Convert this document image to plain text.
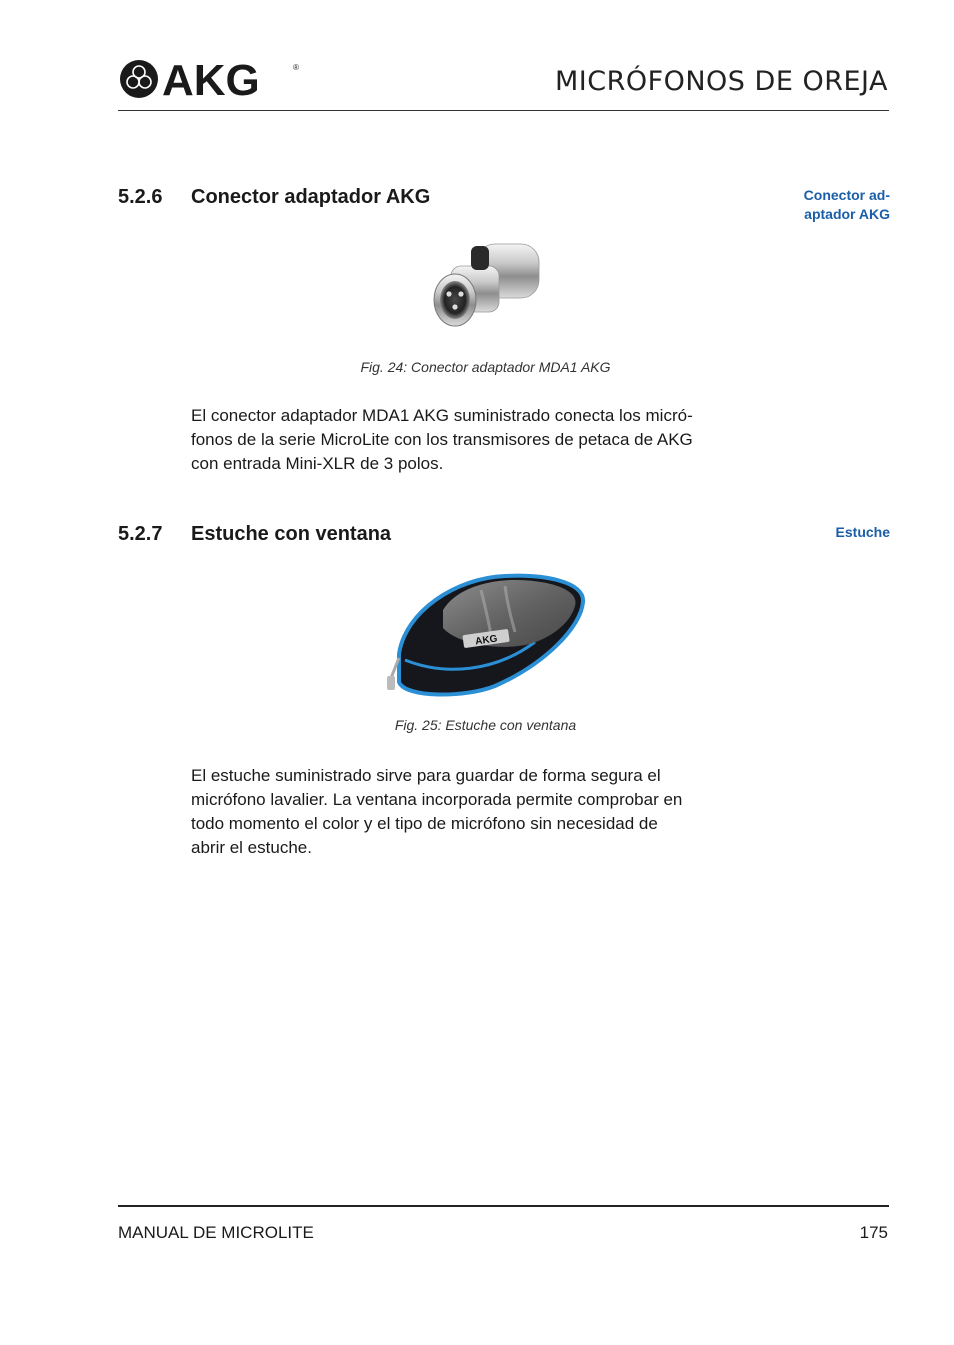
AKG	®	MICRÓFONOS DE OREJA
5.2.6 Conector adaptador AKG	Conector ad-
aptador AKG
Fig. 24: Conector adaptador MDA1 AKG
El conector adaptador MDA1 AKG suministrado conecta los micró-
fonos de la serie MicroLite con los transmisores de petaca de AKG
con entrada Mini-XLR de 3 polos.
5.2.7 Estuche con ventana	Estuche
AKG
Fig. 25: Estuche con ventana
El estuche suministrado sirve para guardar de forma segura el
micrófono lavalier. La ventana incorporada permite comprobar en
todo momento el color y el tipo de micrófono sin necesidad de
abrir el estuche.
MANUAL DE MICROLITE	175
